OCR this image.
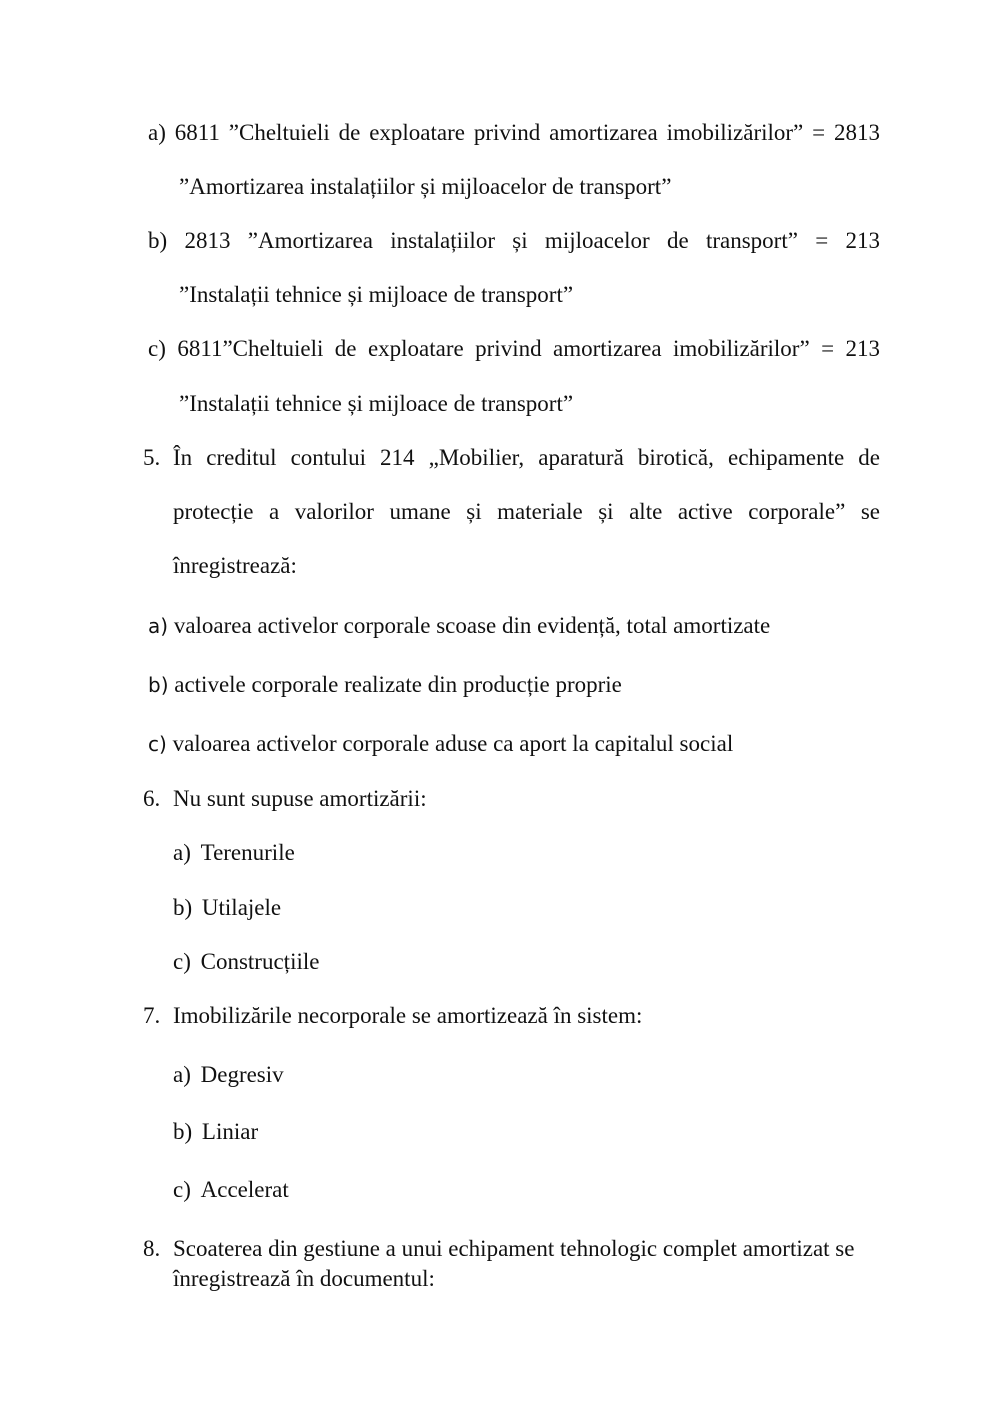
a) 6811 ”Cheltuieli de exploatare privind amortizarea imobilizărilor” = 2813
”Amortizarea instalațiilor și mijloacelor de transport”
b) 2813 ”Amortizarea instalațiilor și mijloacelor de transport” = 213
”Instalații tehnice și mijloace de transport”
c) 6811”Cheltuieli de exploatare privind amortizarea imobilizărilor” = 213
”Instalații tehnice și mijloace de transport”
5. În creditul contului 214 „Mobilier, aparatură birotică, echipamente de
protecție a valorilor umane și materiale și alte active corporale” se
înregistrează:
a) valoarea activelor corporale scoase din evidență, total amortizate
b) activele corporale realizate din producție proprie
c) valoarea activelor corporale aduse ca aport la capitalul social
6. Nu sunt supuse amortizării:
a) Terenurile
b) Utilajele
c) Construcțiile
7. Imobilizările necorporale se amortizează în sistem:
a) Degresiv
b) Liniar
c) Accelerat
8. Scoaterea din gestiune a unui echipament tehnologic complet amortizat se
înregistrează în documentul:
